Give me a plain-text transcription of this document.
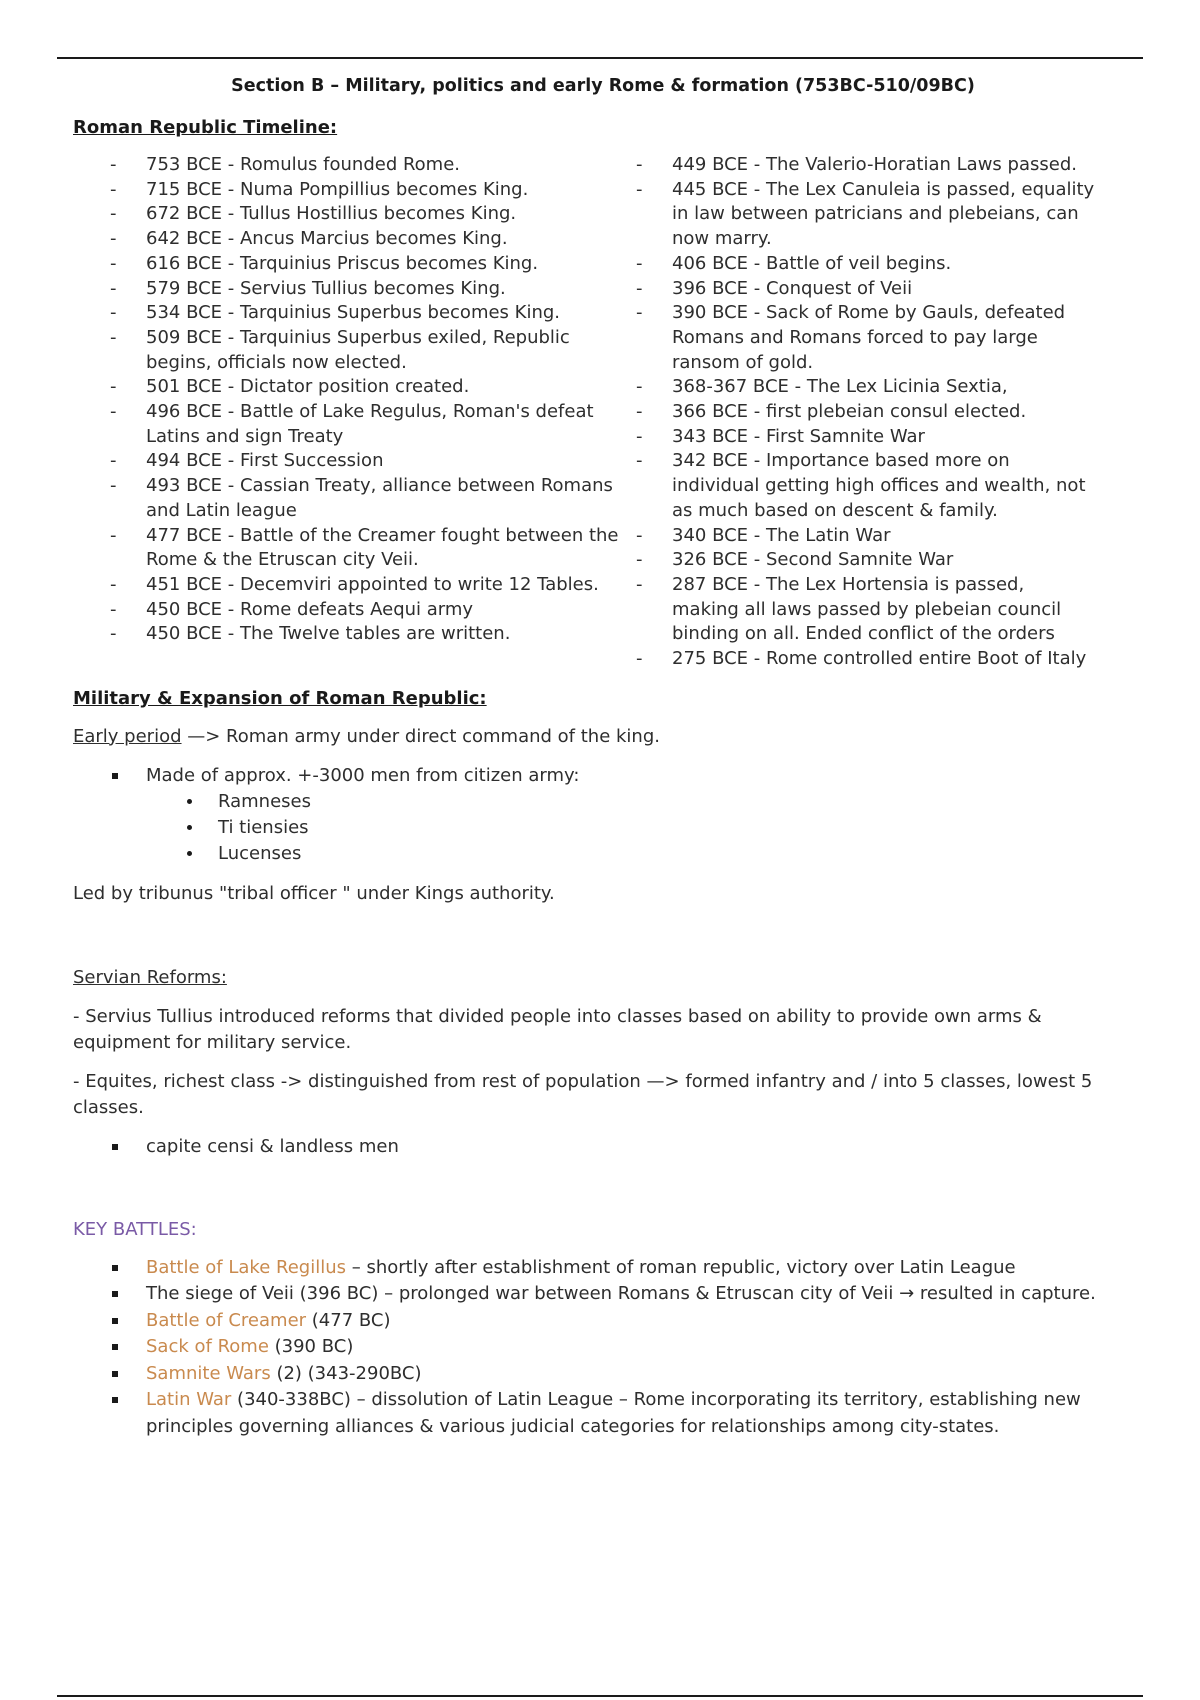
Section B – Military, politics and early Rome & formation (753BC-510/09BC)
Roman Republic Timeline:
- 753 BCE - Romulus founded Rome.
- 715 BCE - Numa Pompillius becomes King.
- 672 BCE - Tullus Hostillius becomes King.
- 642 BCE - Ancus Marcius becomes King.
- 616 BCE - Tarquinius Priscus becomes King.
- 579 BCE - Servius Tullius becomes King.
- 534 BCE - Tarquinius Superbus becomes King.
- 509 BCE - Tarquinius Superbus exiled, Republic begins, officials now elected.
- 501 BCE - Dictator position created.
- 496 BCE - Battle of Lake Regulus, Roman's defeat Latins and sign Treaty
- 494 BCE - First Succession
- 493 BCE - Cassian Treaty, alliance between Romans and Latin league
- 477 BCE - Battle of the Creamer fought between the Rome & the Etruscan city Veii.
- 451 BCE - Decemviri appointed to write 12 Tables.
- 450 BCE - Rome defeats Aequi army
- 450 BCE - The Twelve tables are written.
- 449 BCE - The Valerio-Horatian Laws passed.
- 445 BCE - The Lex Canuleia is passed, equality in law between patricians and plebeians, can now marry.
- 406 BCE - Battle of veil begins.
- 396 BCE - Conquest of Veii
- 390 BCE - Sack of Rome by Gauls, defeated Romans and Romans forced to pay large ransom of gold.
- 368-367 BCE - The Lex Licinia Sextia,
- 366 BCE - first plebeian consul elected.
- 343 BCE - First Samnite War
- 342 BCE - Importance based more on individual getting high offices and wealth, not as much based on descent & family.
- 340 BCE - The Latin War
- 326 BCE - Second Samnite War
- 287 BCE - The Lex Hortensia is passed, making all laws passed by plebeian council binding on all. Ended conflict of the orders
- 275 BCE - Rome controlled entire Boot of Italy
Military & Expansion of Roman Republic:

Early period —> Roman army under direct command of the king.

Made of approx. +-3000 men from citizen army:
Ramneses
Ti tiensies
Lucenses

Led by tribunus "tribal officer " under Kings authority.

Servian Reforms:

- Servius Tullius introduced reforms that divided people into classes based on ability to provide own arms & equipment for military service.

- Equites, richest class -> distinguished from rest of population —> formed infantry and / into 5 classes, lowest 5 classes.

capite censi & landless men

KEY BATTLES:

Battle of Lake Regillus – shortly after establishment of roman republic, victory over Latin League
The siege of Veii (396 BC) – prolonged war between Romans & Etruscan city of Veii → resulted in capture.
Battle of Creamer (477 BC)
Sack of Rome (390 BC)
Samnite Wars (2) (343-290BC)
Latin War (340-338BC) – dissolution of Latin League – Rome incorporating its territory, establishing new principles governing alliances & various judicial categories for relationships among city-states.
